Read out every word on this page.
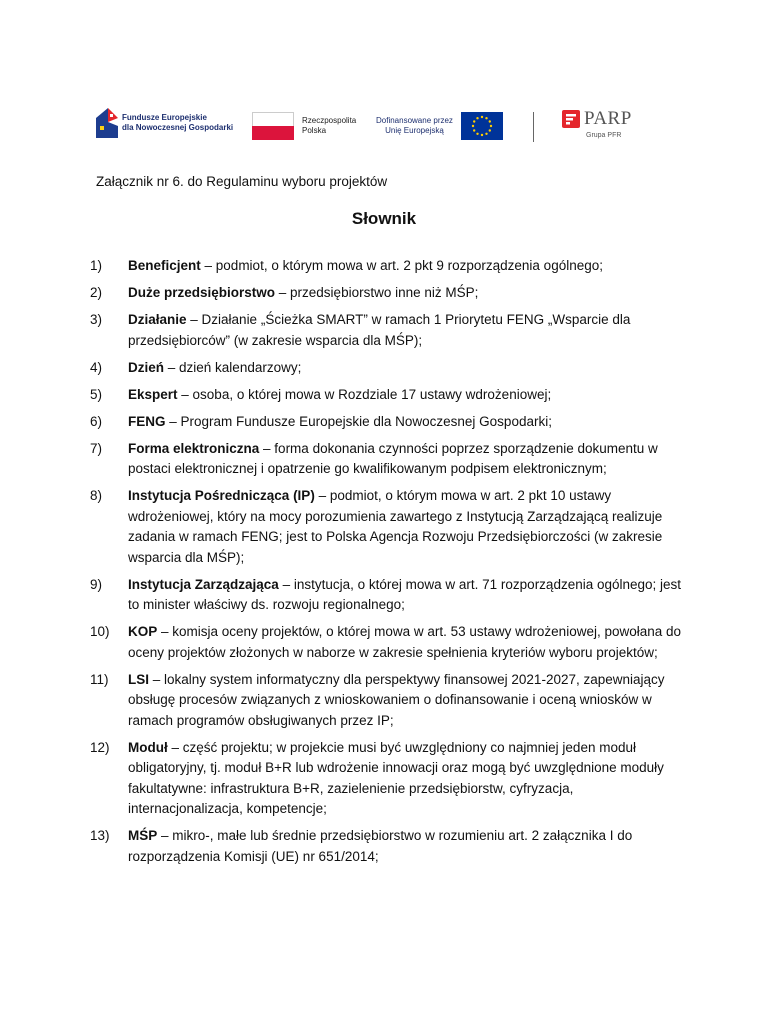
Fundusze Europejskie
dla Nowoczesnej Gospodarki
Rzeczpospolita
Polska
Dofinansowane przez
Unię Europejską
PARP
Grupa PFR
Załącznik nr 6. do Regulaminu wyboru projektów
Słownik
1)	Beneficjent – podmiot, o którym mowa w art. 2 pkt 9 rozporządzenia ogólnego;
2)	Duże przedsiębiorstwo – przedsiębiorstwo inne niż MŚP;
3)	Działanie – Działanie „Ścieżka SMART” w ramach 1 Priorytetu FENG „Wsparcie dla przedsiębiorców” (w zakresie wsparcia dla MŚP);
4)	Dzień – dzień kalendarzowy;
5)	Ekspert – osoba, o której mowa w Rozdziale 17 ustawy wdrożeniowej;
6)	FENG – Program Fundusze Europejskie dla Nowoczesnej Gospodarki;
7)	Forma elektroniczna – forma dokonania czynności poprzez sporządzenie dokumentu w postaci elektronicznej i opatrzenie go kwalifikowanym podpisem elektronicznym;
8)	Instytucja Pośrednicząca (IP) – podmiot, o którym mowa w art. 2 pkt 10 ustawy wdrożeniowej, który na mocy porozumienia zawartego z Instytucją Zarządzającą realizuje zadania w ramach FENG; jest to Polska Agencja Rozwoju Przedsiębiorczości (w zakresie wsparcia dla MŚP);
9)	Instytucja Zarządzająca – instytucja, o której mowa w art. 71 rozporządzenia ogólnego; jest to minister właściwy ds. rozwoju regionalnego;
10)	KOP – komisja oceny projektów, o której mowa w art. 53 ustawy wdrożeniowej, powołana do oceny projektów złożonych w naborze w zakresie spełnienia kryteriów wyboru projektów;
11)	LSI – lokalny system informatyczny dla perspektywy finansowej 2021-2027, zapewniający obsługę procesów związanych z wnioskowaniem o dofinansowanie i oceną wniosków w ramach programów obsługiwanych przez IP;
12)	Moduł – część projektu; w projekcie musi być uwzględniony co najmniej jeden moduł obligatoryjny, tj. moduł B+R lub wdrożenie innowacji oraz mogą być uwzględnione moduły fakultatywne: infrastruktura B+R, zazielenienie przedsiębiorstw, cyfryzacja, internacjonalizacja, kompetencje;
13)	MŚP – mikro-, małe lub średnie przedsiębiorstwo w rozumieniu art. 2 załącznika I do rozporządzenia Komisji (UE) nr 651/2014;
